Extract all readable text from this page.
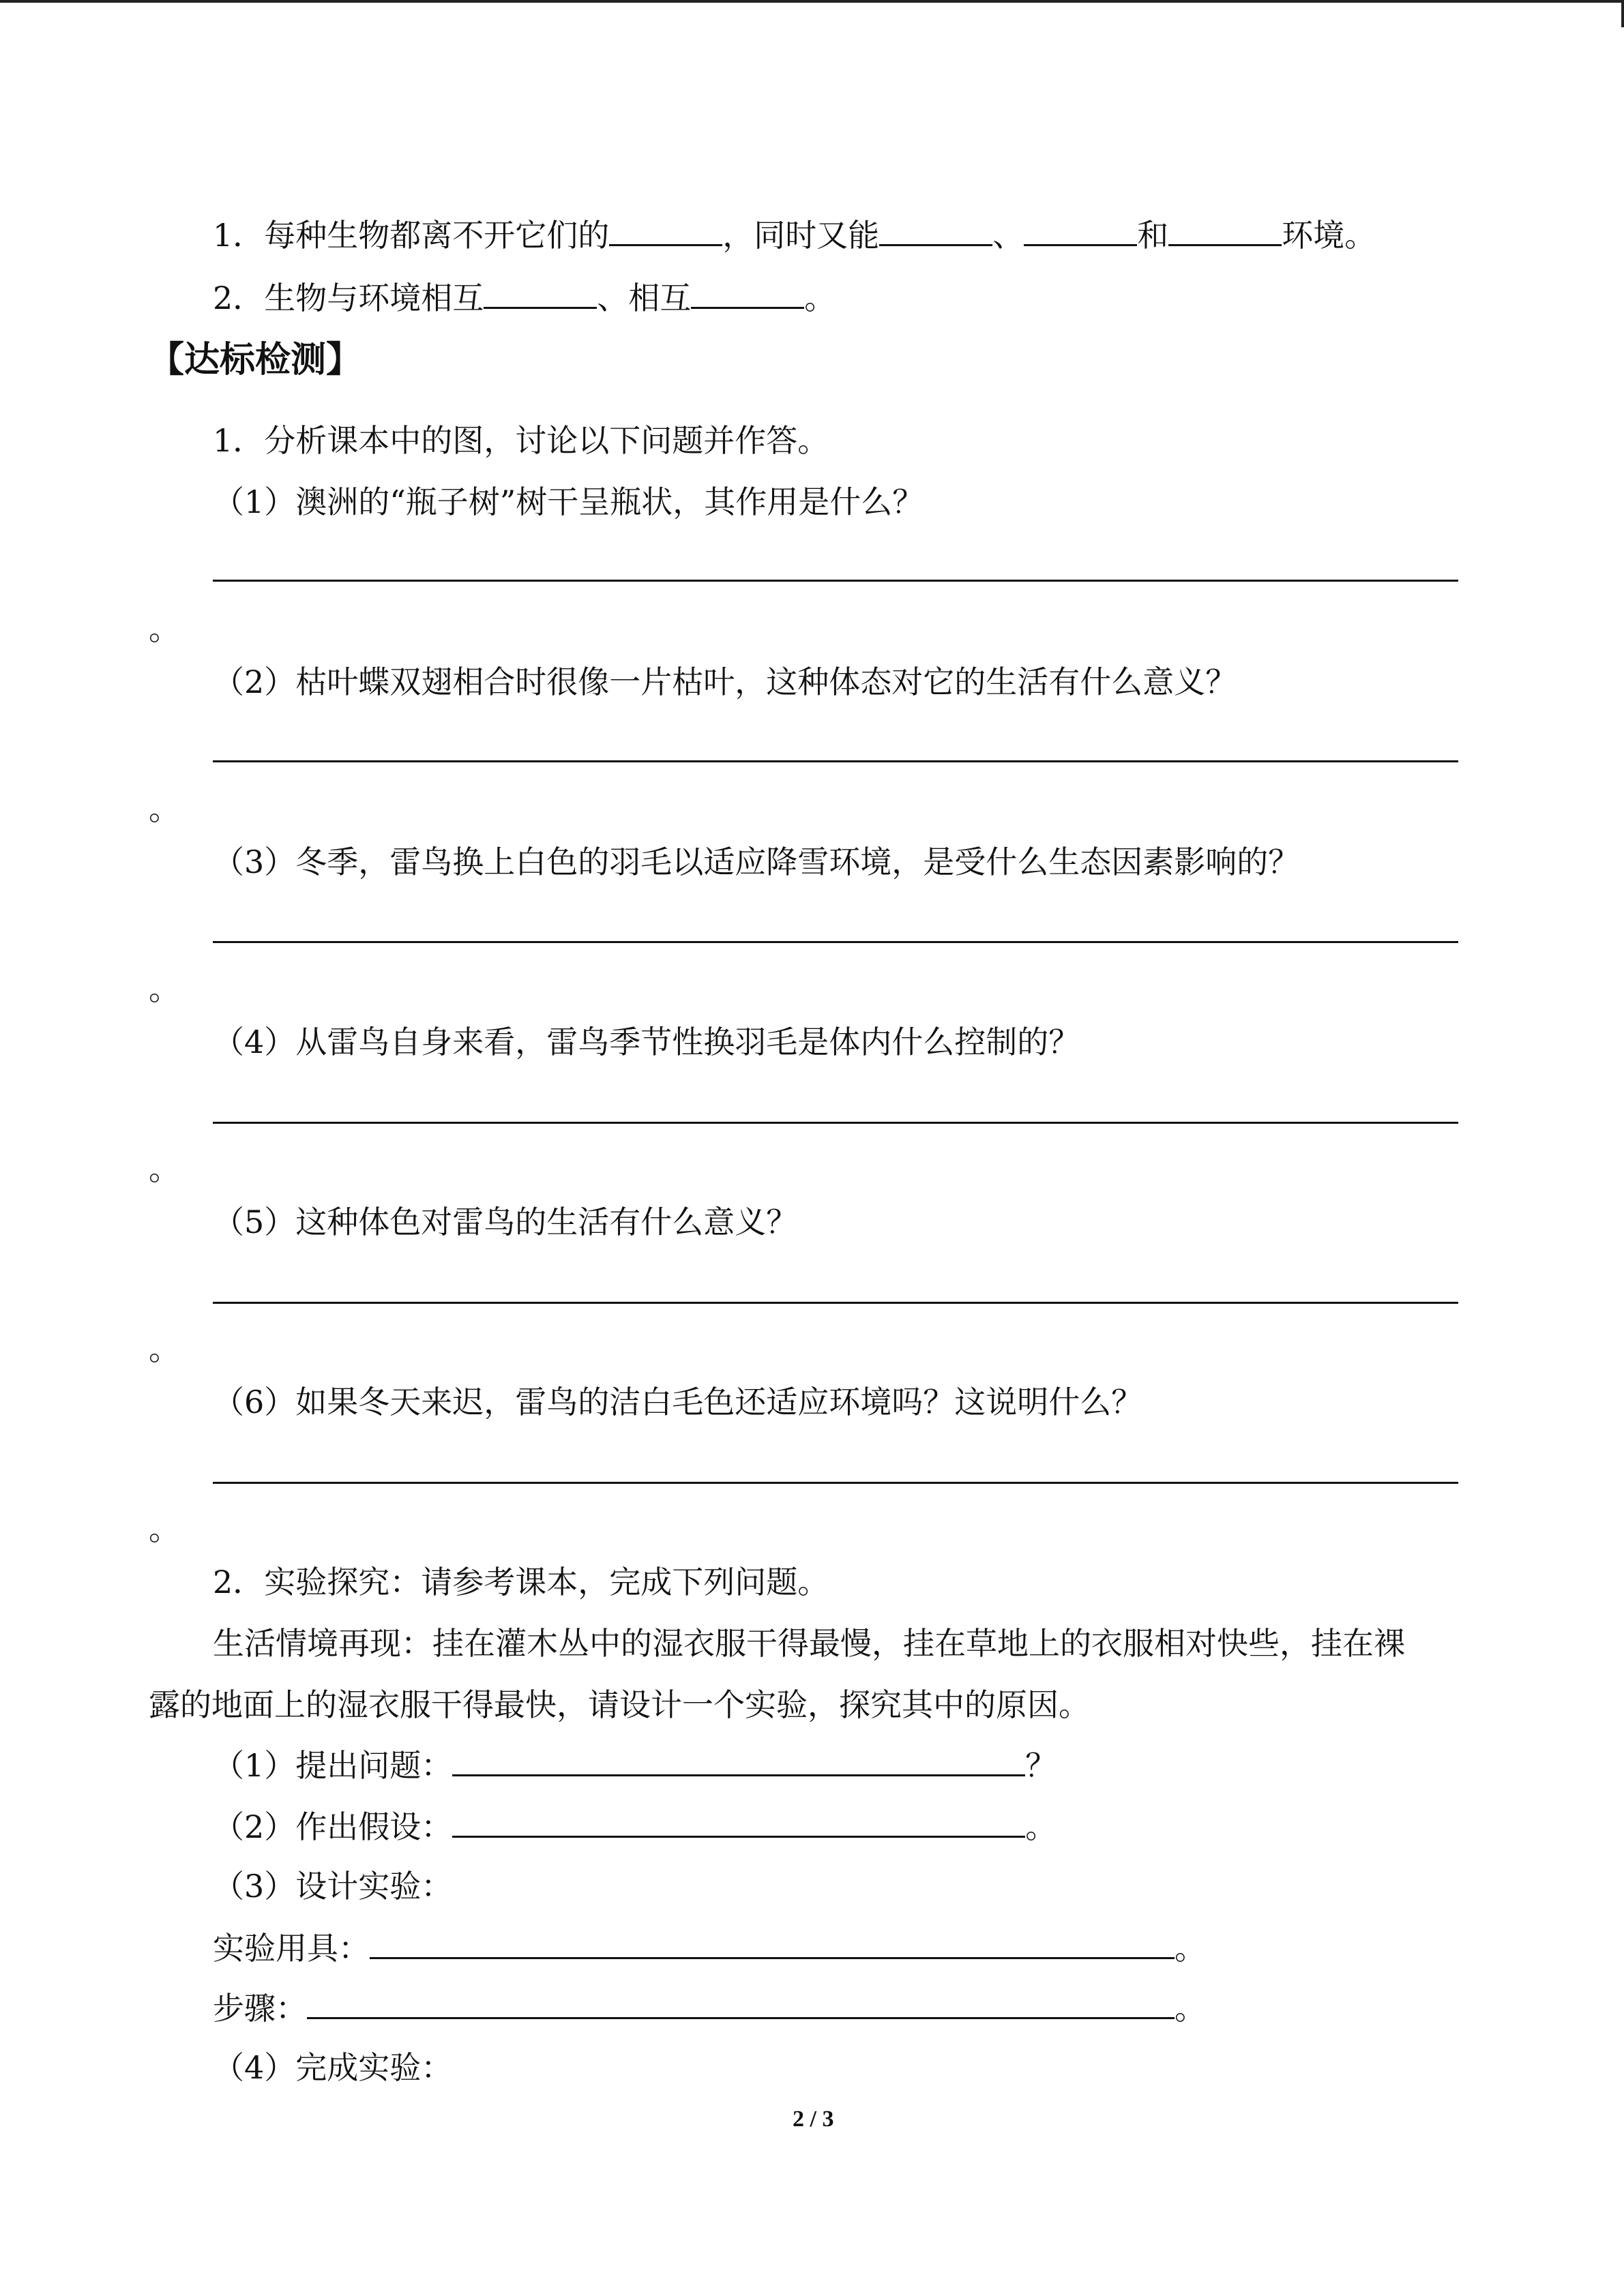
1．每种生物都离不开它们的	，同时又能	、	和	环境。
2．生物与环境相互	、相互	。
【达标检测】
1．分析课本中的图，讨论以下问题并作答。
（1）澳洲的“瓶子树”树干呈瓶状，其作用是什么？
。
（2）枯叶蝶双翅相合时很像一片枯叶，这种体态对它的生活有什么意义？
。
（3）冬季，雷鸟换上白色的羽毛以适应降雪环境，是受什么生态因素影响的？
。
（4）从雷鸟自身来看，雷鸟季节性换羽毛是体内什么控制的？
。
（5）这种体色对雷鸟的生活有什么意义？
。
（6）如果冬天来迟，雷鸟的洁白毛色还适应环境吗？这说明什么？
。
2．实验探究：请参考课本，完成下列问题。
生活情境再现：挂在灌木丛中的湿衣服干得最慢，挂在草地上的衣服相对快些，挂在裸
露的地面上的湿衣服干得最快，请设计一个实验，探究其中的原因。
（1）提出问题：	？
（2）作出假设：	。
（3）设计实验：
实验用具：	。
步骤：	。
（4）完成实验：
2 / 3
